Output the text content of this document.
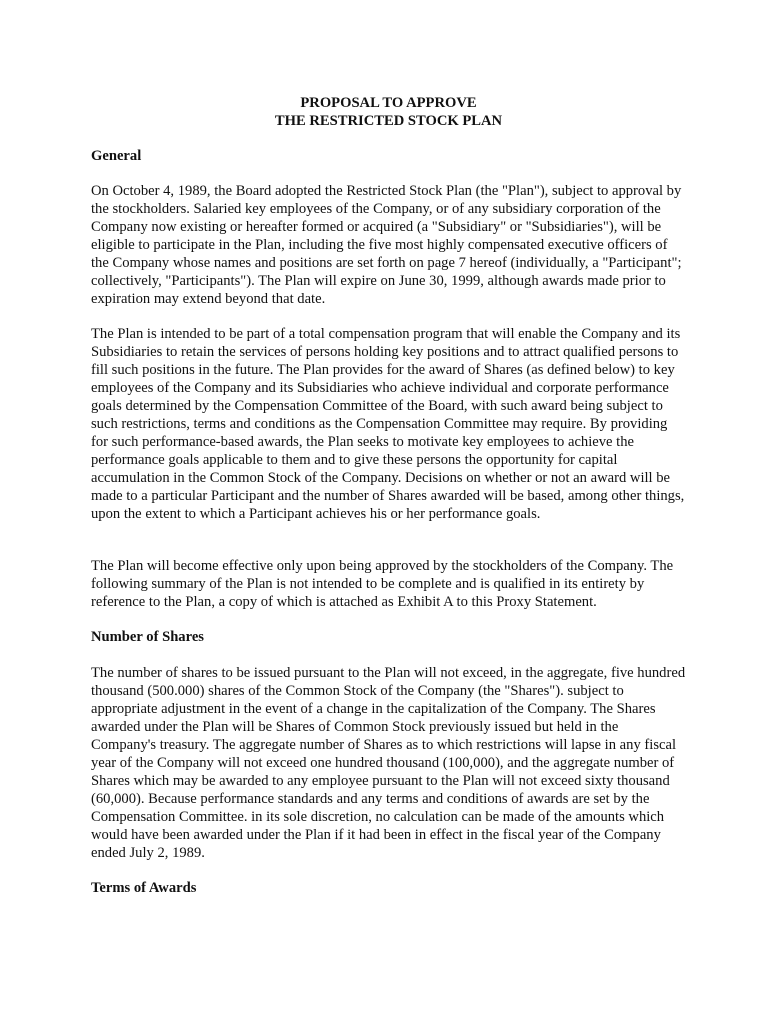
PROPOSAL TO APPROVE

THE RESTRICTED STOCK PLAN

General

On October 4, 1989, the Board adopted the Restricted Stock Plan (the "Plan"), subject to approval by the stockholders. Salaried key employees of the Company, or of any subsidiary corporation of the Company now existing or hereafter formed or acquired (a "Subsidiary" or "Subsidiaries"), will be eligible to participate in the Plan, including the five most highly compensated executive officers of the Company whose names and positions are set forth on page 7 hereof (individually, a "Participant"; collectively, "Participants"). The Plan will expire on June 30, 1999, although awards made prior to expiration may extend beyond that date.

The Plan is intended to be part of a total compensation program that will enable the Company and its Subsidiaries to retain the services of persons holding key positions and to attract qualified persons to fill such positions in the future. The Plan provides for the award of Shares (as defined below) to key employees of the Company and its Subsidiaries who achieve individual and corporate performance goals determined by the Compensation Committee of the Board, with such award being subject to such restrictions, terms and conditions as the Compensation Committee may require. By providing for such performance-based awards, the Plan seeks to motivate key employees to achieve the performance goals applicable to them and to give these persons the opportunity for capital accumulation in the Common Stock of the Company. Decisions on whether or not an award will be made to a particular Participant and the number of Shares awarded will be based, among other things, upon the extent to which a Participant achieves his or her performance goals.

The Plan will become effective only upon being approved by the stockholders of the Company. The following summary of the Plan is not intended to be complete and is qualified in its entirety by reference to the Plan, a copy of which is attached as Exhibit A to this Proxy Statement.

Number of Shares

The number of shares to be issued pursuant to the Plan will not exceed, in the aggregate, five hundred thousand (500.000) shares of the Common Stock of the Company (the "Shares"). subject to appropriate adjustment in the event of a change in the capitalization of the Company. The Shares awarded under the Plan will be Shares of Common Stock previously issued but held in the Company's treasury. The aggregate number of Shares as to which restrictions will lapse in any fiscal year of the Company will not exceed one hundred thousand (100,000), and the aggregate number of Shares which may be awarded to any employee pursuant to the Plan will not exceed sixty thousand (60,000). Because performance standards and any terms and conditions of awards are set by the Compensation Committee. in its sole discretion, no calculation can be made of the amounts which would have been awarded under the Plan if it had been in effect in the fiscal year of the Company ended July 2, 1989.

Terms of Awards
